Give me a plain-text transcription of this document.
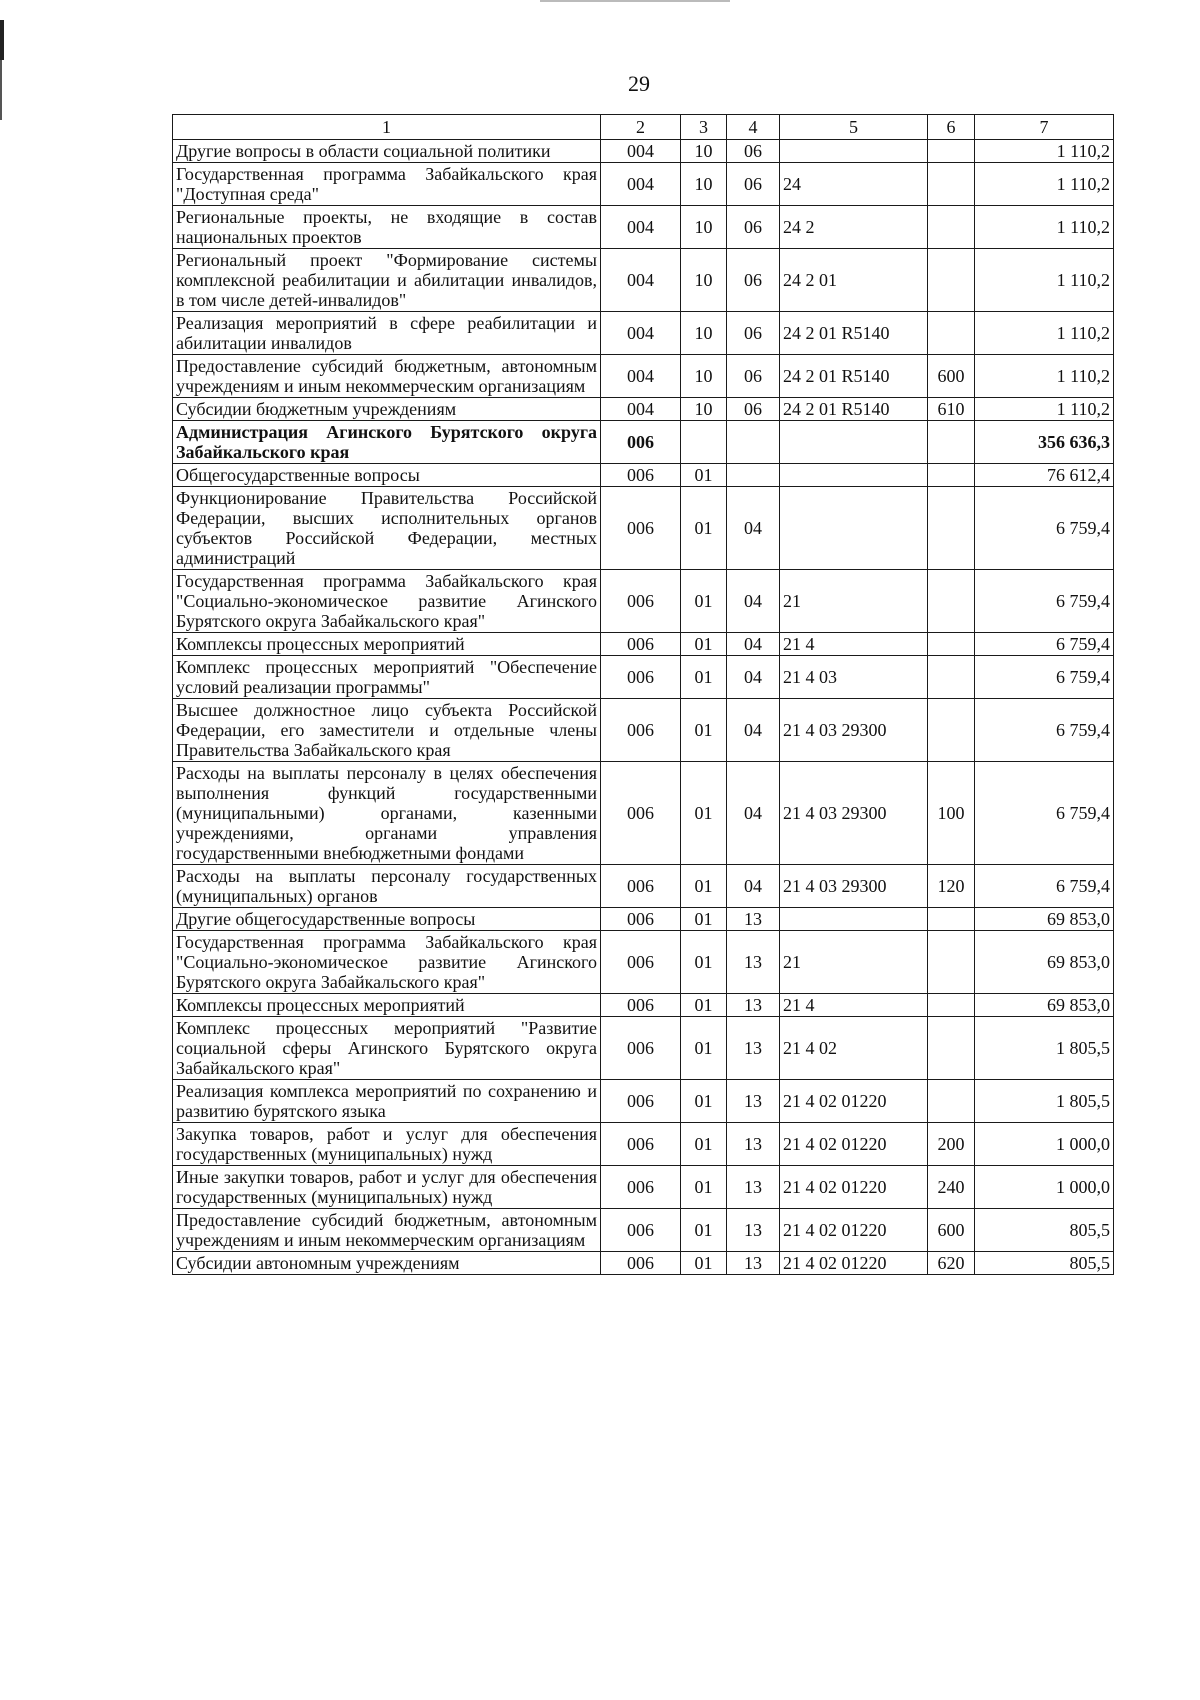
29
1	2	3	4	5	6	7
Другие вопросы в области социальной политики	004	10	06			1 110,2
Государственная программа Забайкальского края "Доступная среда"	004	10	06	24		1 110,2
Региональные проекты, не входящие в состав национальных проектов	004	10	06	24 2		1 110,2
Региональный проект "Формирование системы комплексной реабилитации и абилитации инвалидов, в том числе детей-инвалидов"	004	10	06	24 2 01		1 110,2
Реализация мероприятий в сфере реабилитации и абилитации инвалидов	004	10	06	24 2 01 R5140		1 110,2
Предоставление субсидий бюджетным, автономным учреждениям и иным некоммерческим организациям	004	10	06	24 2 01 R5140	600	1 110,2
Субсидии бюджетным учреждениям	004	10	06	24 2 01 R5140	610	1 110,2
Администрация Агинского Бурятского округа Забайкальского края	006					356 636,3
Общегосударственные вопросы	006	01				76 612,4
Функционирование Правительства Российской Федерации, высших исполнительных органов субъектов Российской Федерации, местных администраций	006	01	04			6 759,4
Государственная программа Забайкальского края "Социально-экономическое развитие Агинского Бурятского округа Забайкальского края"	006	01	04	21		6 759,4
Комплексы процессных мероприятий	006	01	04	21 4		6 759,4
Комплекс процессных мероприятий "Обеспечение условий реализации программы"	006	01	04	21 4 03		6 759,4
Высшее должностное лицо субъекта Российской Федерации, его заместители и отдельные члены Правительства Забайкальского края	006	01	04	21 4 03 29300		6 759,4
Расходы на выплаты персоналу в целях обеспечения выполнения функций государственными (муниципальными) органами, казенными учреждениями, органами управления государственными внебюджетными фондами	006	01	04	21 4 03 29300	100	6 759,4
Расходы на выплаты персоналу государственных (муниципальных) органов	006	01	04	21 4 03 29300	120	6 759,4
Другие общегосударственные вопросы	006	01	13			69 853,0
Государственная программа Забайкальского края "Социально-экономическое развитие Агинского Бурятского округа Забайкальского края"	006	01	13	21		69 853,0
Комплексы процессных мероприятий	006	01	13	21 4		69 853,0
Комплекс процессных мероприятий "Развитие социальной сферы Агинского Бурятского округа Забайкальского края"	006	01	13	21 4 02		1 805,5
Реализация комплекса мероприятий по сохранению и развитию бурятского языка	006	01	13	21 4 02 01220		1 805,5
Закупка товаров, работ и услуг для обеспечения государственных (муниципальных) нужд	006	01	13	21 4 02 01220	200	1 000,0
Иные закупки товаров, работ и услуг для обеспечения государственных (муниципальных) нужд	006	01	13	21 4 02 01220	240	1 000,0
Предоставление субсидий бюджетным, автономным учреждениям и иным некоммерческим организациям	006	01	13	21 4 02 01220	600	805,5
Субсидии автономным учреждениям	006	01	13	21 4 02 01220	620	805,5
